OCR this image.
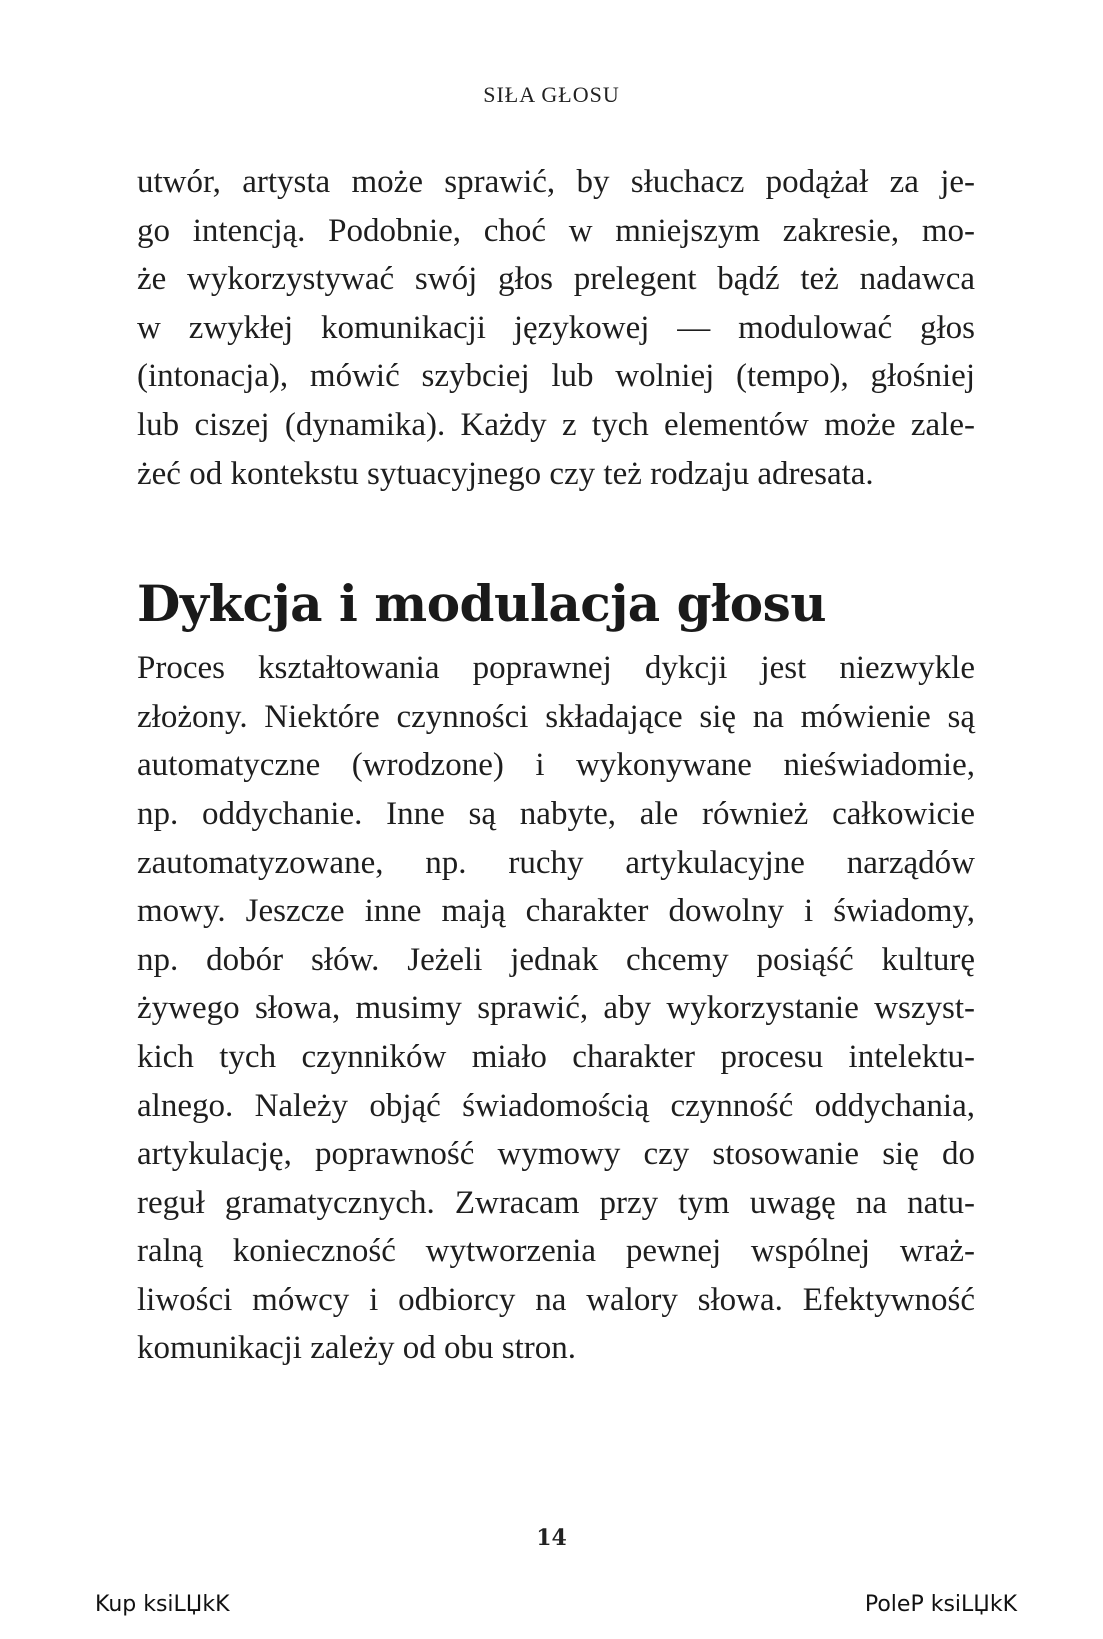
SIŁA GŁOSU

utwór, artysta może sprawić, by słuchacz podążał za je-
go intencją. Podobnie, choć w mniejszym zakresie, mo-
że wykorzystywać swój głos prelegent bądź też nadawca
w zwykłej komunikacji językowej — modulować głos
(intonacja), mówić szybciej lub wolniej (tempo), głośniej
lub ciszej (dynamika). Każdy z tych elementów może zale-
żeć od kontekstu sytuacyjnego czy też rodzaju adresata.

Dykcja i modulacja głosu

Proces kształtowania poprawnej dykcji jest niezwykle
złożony. Niektóre czynności składające się na mówienie są
automatyczne (wrodzone) i wykonywane nieświadomie,
np. oddychanie. Inne są nabyte, ale również całkowicie
zautomatyzowane, np. ruchy artykulacyjne narządów
mowy. Jeszcze inne mają charakter dowolny i świadomy,
np. dobór słów. Jeżeli jednak chcemy posiąść kulturę
żywego słowa, musimy sprawić, aby wykorzystanie wszyst-
kich tych czynników miało charakter procesu intelektu-
alnego. Należy objąć świadomością czynność oddychania,
artykulację, poprawność wymowy czy stosowanie się do
reguł gramatycznych. Zwracam przy tym uwagę na natu-
ralną konieczność wytworzenia pewnej wspólnej wraż-
liwości mówcy i odbiorcy na walory słowa. Efektywność
komunikacji zależy od obu stron.

14
Kup ksiLЏkK	PoleP ksiLЏkK
